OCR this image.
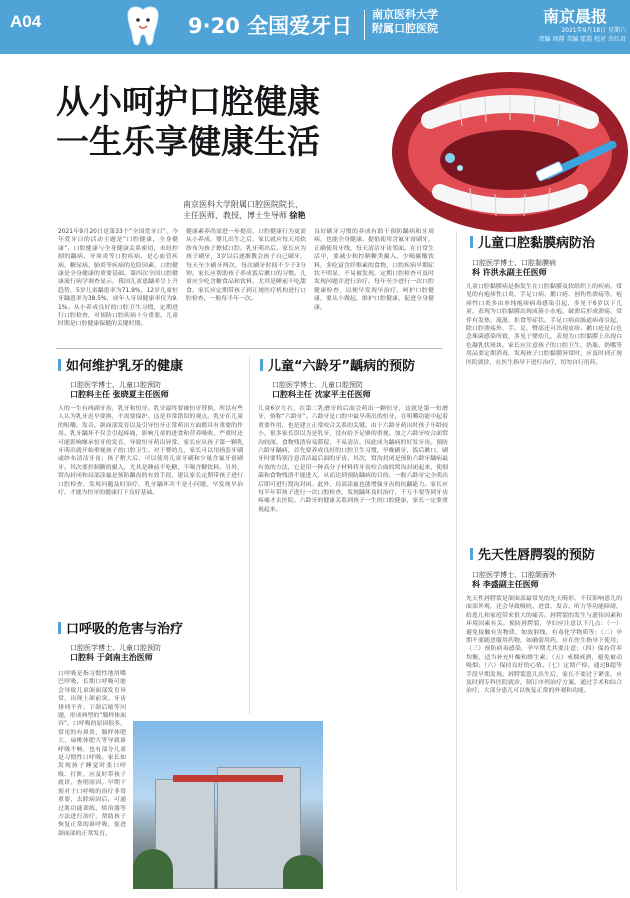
A04	9·20 全国爱牙日 南京医科大学
附属口腔医院
南京晨报
2021年9月18日 星期六
责编 周翔 美编 霍霞 校对 余红君
从小呵护口腔健康
一生乐享健康生活
南京医科大学附属口腔医院院长、
主任医师、教授、博士生导师 徐艳
2021年9月20日是第33个“全国爱牙日”，今年爱牙日的活动主题是“口腔健康，全身健康”。口腔健康与全身健康关系密切，未经控制的龋病、牙周炎等口腔疾病，是心血管疾病、糖尿病、肺炎等疾病的危险因素，口腔健康是全身健康的重要基础。第四次全国口腔健康流行病学调查显示，我国儿童患龋率呈上升趋势，5岁儿童龋患率为71.9%，12岁儿童恒牙龋患率为38.5%，成年人牙周健康率仅为9.1%。从小养成良好的口腔卫生习惯，定期进行口腔检查，对预防口腔疾病十分重要。儿童时期是口腔健康保健的关键时期。
健康素养尚需进一步提高，口腔健康行为更需从小养成。婴儿出生之后，家长就应每天用软纱布为孩子擦拭口腔。乳牙萌出后，家长应为孩子刷牙，3岁以后逐渐教会孩子自己刷牙，每天至少刷牙两次，每次刷牙时间不少于3分钟。家长应帮助孩子养成饭后漱口的习惯。儿童应少吃含糖食品和饮料，尤其是睡前不吃甜食。家长应定期带孩子到正规医疗机构进行口腔检查，一般每半年一次。
良好刷牙习惯的养成有助于预防龋病和牙周病，也能全身健康。提倡使用含氟牙膏刷牙，正确使用牙线，每天清洁牙齿邻面。在日常生活中，要减少和控制糖类摄入，少喝碳酸饮料，多吃富含纤维素的食物。口腔疾病早期症状不明显，不易被发现，定期口腔检查可及时发现问题并进行治疗。每年至少进行一次口腔健康检查，以便早发现早治疗。呵护口腔健康，要从小做起，维护口腔健康，促进全身健康。
如何维护乳牙的健康
口腔医学博士、儿童口腔预防
口腔科主任 张晓夏主任医师
人的一生有两副牙齿，乳牙和恒牙。乳牙最终要被恒牙替换，所以有些人认为乳牙迟早要换，不需要保护。这是非常错误的观点。乳牙在儿童的咀嚼、发音、颌面部发育以及引导恒牙正常萌出方面都具有重要的作用。乳牙龋坏不仅会引起疼痛，影响儿童的进食和营养吸收，严重时还可能影响继承恒牙的发育，导致恒牙萌出异常。家长应从孩子第一颗乳牙萌出就开始重视孩子的口腔卫生。对于婴幼儿，家长可以用指套牙刷或纱布清洁牙齿；孩子稍大后，可以使用儿童牙刷和少量含氟牙膏刷牙。其次要控制糖的摄入，尤其是睡前不吃糖、不喝含糖饮料。另外，窝沟封闭和局部涂氟是预防龋齿的有效手段，建议家长定期带孩子进行口腔检查，发现问题及时治疗。乳牙龋坏并不是小问题，早发现早治疗，才能为恒牙的健康打下良好基础。
口呼吸的危害与治疗
口腔医学博士、儿童口腔预防
口腔科 于剑南主治医师
口呼吸是指习惯性地用嘴巴呼吸，长期口呼吸可能会导致儿童颌面部发育异常，出现上颌前突、牙齿排列不齐、下颌后缩等问题，形成典型的“腺样体面容”。口呼吸的原因很多，常见的有鼻炎、腺样体肥大、扁桃体肥大等导致鼻呼吸不畅，也有部分儿童是习惯性口呼吸。家长如发现孩子睡觉时张口呼吸、打鼾，应及时带孩子就诊，查明原因。早期干预对于口呼吸的治疗非常重要，去除病因后，可通过肌功能训练、矫治器等方法进行治疗，帮助孩子恢复正常的鼻呼吸，促进颌面部的正常发育。
儿童“六龄牙”龋病的预防
口腔医学博士、儿童口腔预防
口腔科主任 沈家平主任医师
儿童6岁左右，在第二乳磨牙的后面会萌出一颗恒牙，这就是第一恒磨牙，俗称“六龄牙”。六龄牙是口腔中最早萌出的恒牙，在咀嚼功能中起着重要作用，也是建立正常咬合关系的关键。由于六龄牙萌出时孩子年龄较小，很多家长误以为是乳牙，没有给予足够的重视。加之六龄牙咬合面窝沟较深，食物残渣容易滞留，不易清洁，因此成为龋病的好发牙齿。预防六龄牙龋病，首先要养成良好的口腔卫生习惯，早晚刷牙，饭后漱口，刷牙时要特别注意清洁最后面的牙齿。其次，窝沟封闭是预防六龄牙龋病最有效的方法，它是用一种高分子材料将牙齿咬合面的窝沟封闭起来，使细菌和食物残渣不能进入，从而达到预防龋病的目的。一般六龄牙完全萌出后即可进行窝沟封闭。此外，局部涂氟也能增强牙齿的抗龋能力。家长应每半年带孩子进行一次口腔检查，发现龋坏及时治疗，千万不要等到牙齿疼痛才去医院。六龄牙的健康关系到孩子一生的口腔健康，家长一定要重视起来。
儿童口腔黏膜病防治
口腔医学博士、口腔黏膜病
科 许洪永副主任医师
儿童口腔黏膜病是指发生在口腔黏膜及软组织上的疾病，常见的有疱疹性口炎、手足口病、鹅口疮、创伤性溃疡等。疱疹性口炎多由单纯疱疹病毒感染引起，多见于6岁以下儿童，表现为口腔黏膜出现成簇小水疱，破溃后形成溃疡，常伴有发热、流涎、拒食等症状。手足口病由肠道病毒引起，除口腔溃疡外，手、足、臀部还可出现皮疹。鹅口疮是白色念珠菌感染所致，多见于婴幼儿，表现为口腔黏膜上出现白色凝乳状斑块。家长应注意孩子的口腔卫生，奶瓶、奶嘴等用品要定期消毒，发现孩子口腔黏膜异常时，应及时到正规医院就诊，在医生指导下进行治疗，切勿自行用药。
先天性唇腭裂的预防
口腔医学博士、口腔颌面外
科 李盛副主任医师
先天性唇腭裂是颌面部最常见的先天畸形，不仅影响患儿的面部外观，还会导致吸吮、进食、发音、听力等功能障碍，给患儿和家庭带来很大的痛苦。唇腭裂的发生与遗传因素和环境因素有关。预防唇腭裂，孕妇应注意以下几点：（一）避免接触有害物质，如放射线、有毒化学物质等；（二）孕期不要随意服用药物，如确需用药，应在医生指导下使用；（三）预防病毒感染，孕早期尤其要注意；（四）保持营养均衡，适当补充叶酸和维生素；（五）戒烟戒酒，避免被动吸烟；（六）保持良好的心情。（七）定期产检，通过B超等手段早期发现。唇腭裂患儿出生后，家长不要过于紧张，应及时到专科医院就诊，制订序列治疗方案，通过手术和综合治疗，大部分患儿可以恢复正常的外观和功能。
